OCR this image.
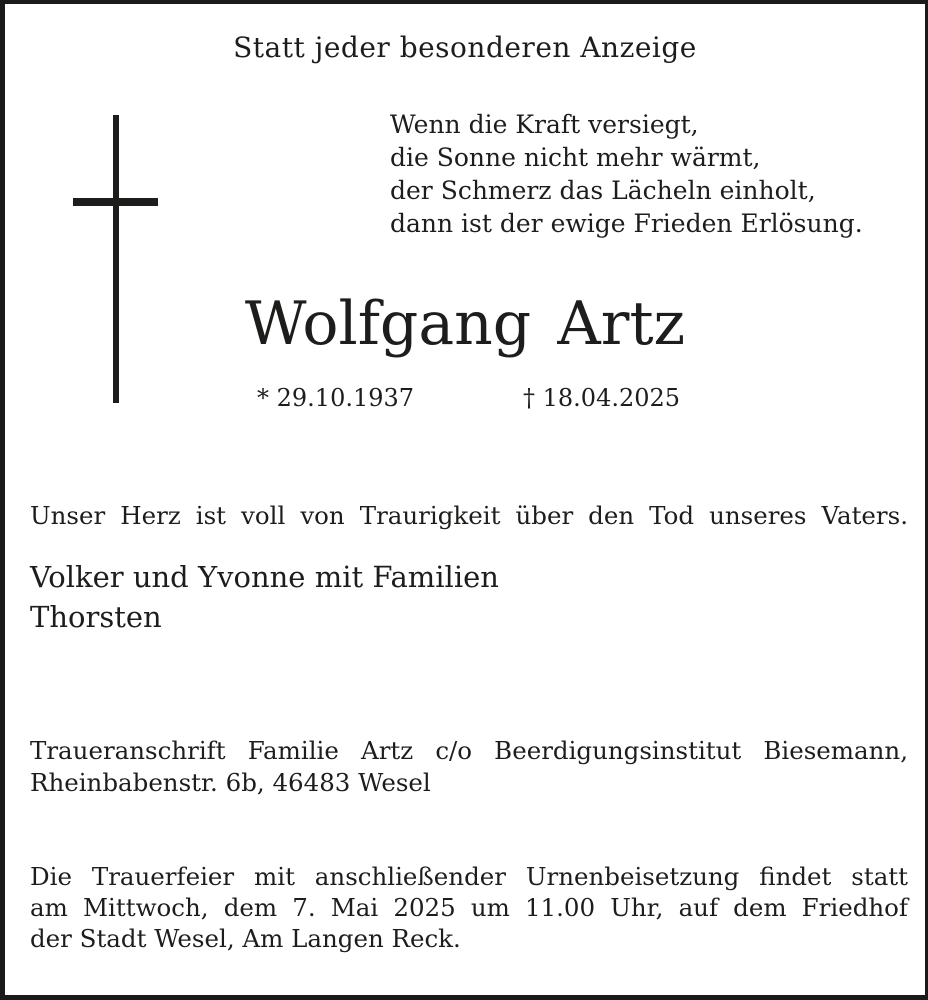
Statt jeder besonderen Anzeige
Wenn die Kraft versiegt,
die Sonne nicht mehr wärmt,
der Schmerz das Lächeln einholt,
dann ist der ewige Frieden Erlösung.
Wolfgang Artz
* 29.10.1937	† 18.04.2025
Unser Herz ist voll von Traurigkeit über den Tod unseres Vaters.
Volker und Yvonne mit Familien
Thorsten
Traueranschrift Familie Artz c/o Beerdigungsinstitut Biesemann,
Rheinbabenstr. 6b, 46483 Wesel
Die Trauerfeier mit anschließender Urnenbeisetzung findet statt
am Mittwoch, dem 7. Mai 2025 um 11.00 Uhr, auf dem Friedhof
der Stadt Wesel, Am Langen Reck.
